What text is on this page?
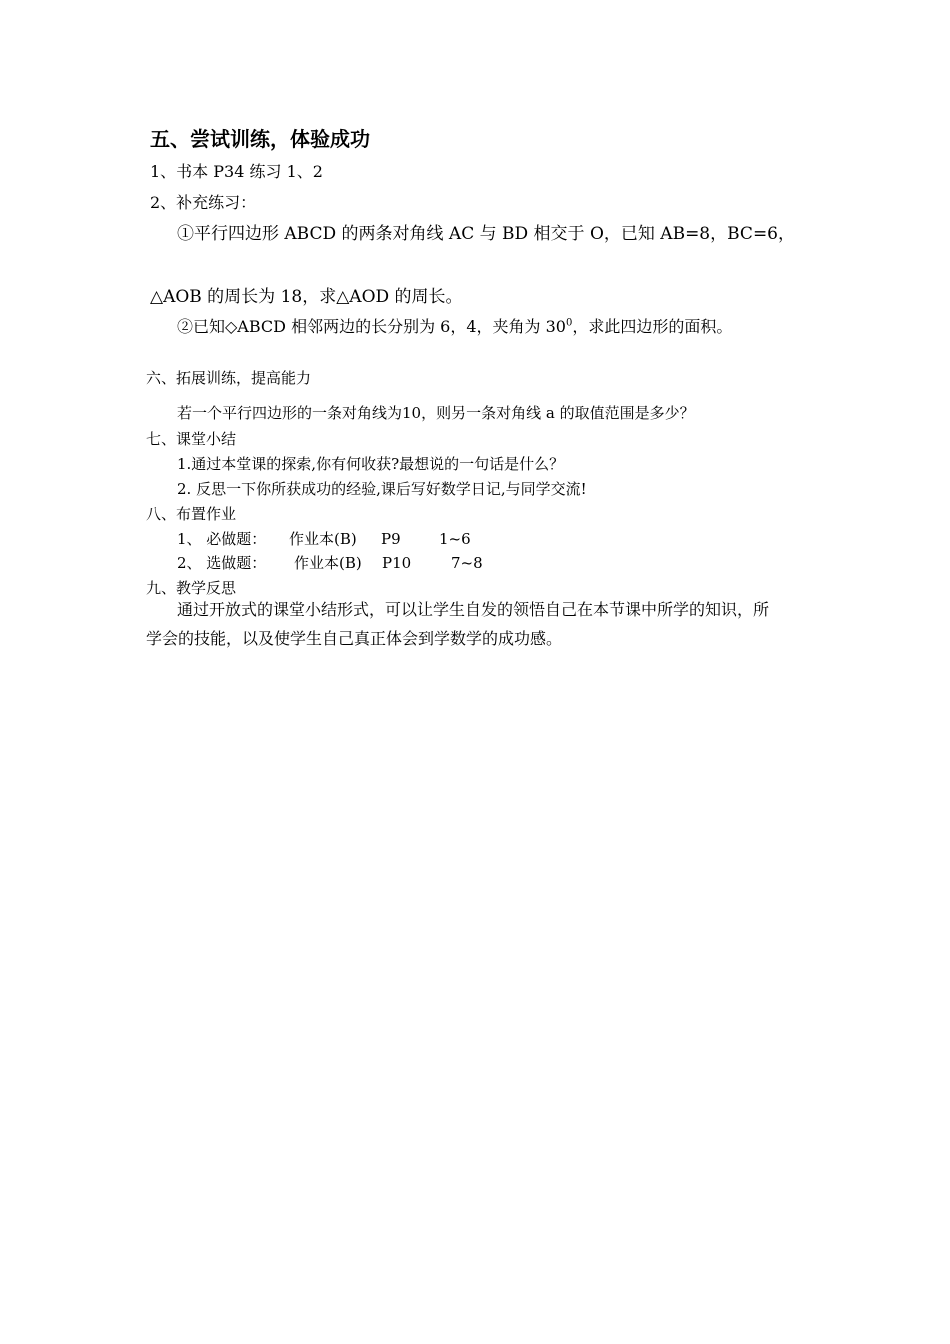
五、尝试训练，体验成功
1、书本 P34 练习 1、2
2、补充练习：
①平行四边形 ABCD 的两条对角线 AC 与 BD 相交于 O，已知 AB=8，BC=6，
△AOB 的周长为 18，求△AOD 的周长。
②已知◇ABCD 相邻两边的长分别为 6，4，夹角为 $30^0$，求此四边形的面积。
六、拓展训练，提高能力
若一个平行四边形的一条对角线为10，则另一条对角线 a 的取值范围是多少？
七、课堂小结
1.通过本堂课的探索,你有何收获?最想说的一句话是什么？
2. 反思一下你所获成功的经验,课后写好数学日记,与同学交流!
八、布置作业
1、 必做题： 作业本(B) P9	1~6
2、 选做题： 作业本(B) P10	7~8
九、教学反思
通过开放式的课堂小结形式，可以让学生自发的领悟自己在本节课中所学的知识，所
学会的技能，以及使学生自己真正体会到学数学的成功感。
